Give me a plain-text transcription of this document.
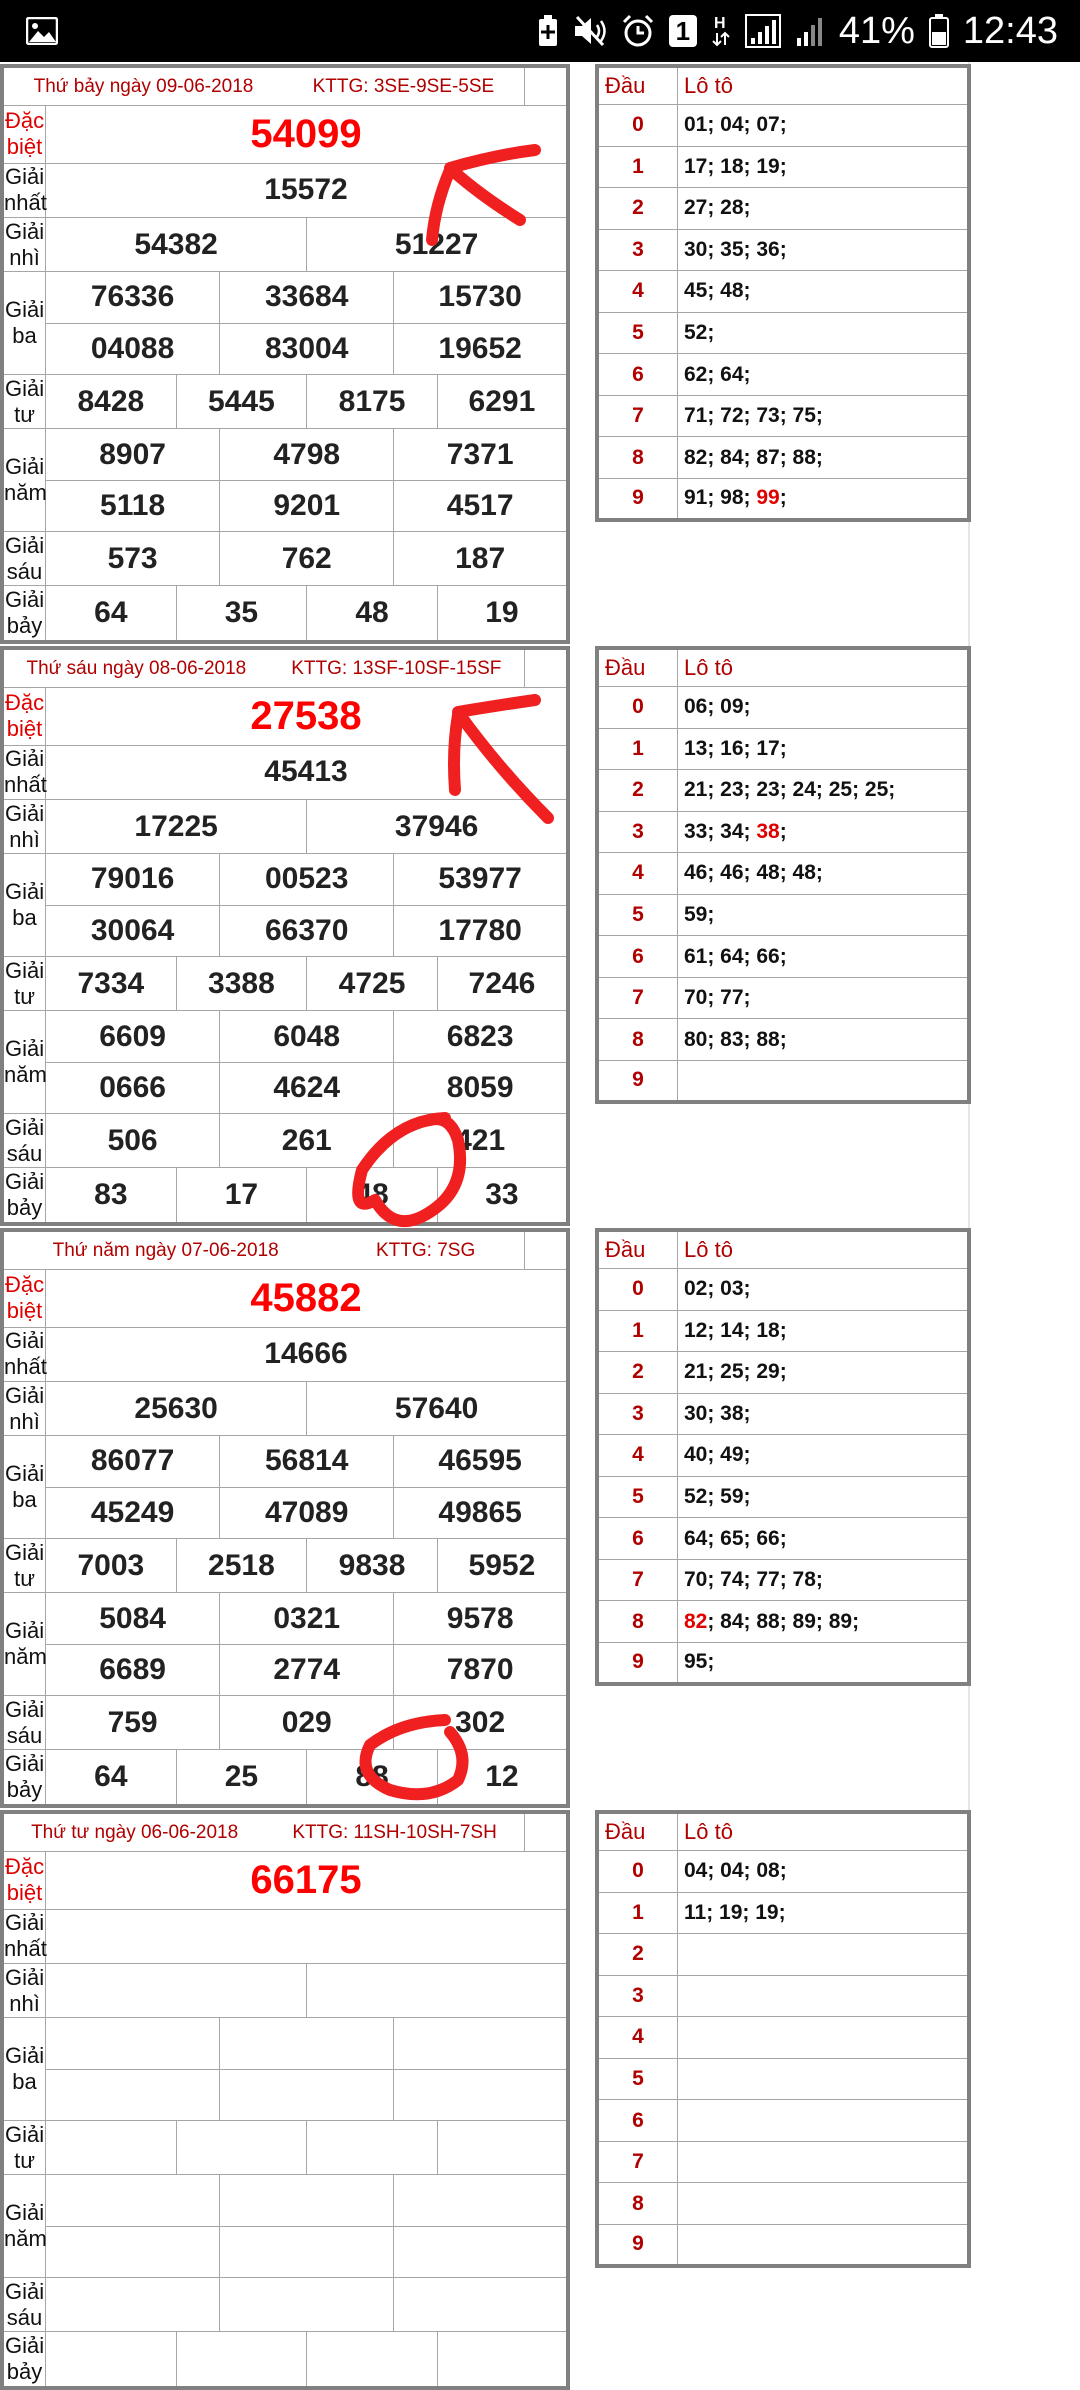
1 H	41% 12:43
Thứ bảy ngày 09-06-2018 KTTG: 3SE-9SE-5SE						

Đặc biệt	54099					
Giải nhất	15572					
Giải nhì	54382			51227		
Giải ba	76336		33684		15730	
	04088		83004		19652	
Giải tư	8428	5445		8175		6291
Giải năm	8907		4798		7371	
	5118		9201		4517	
Giải sáu	573		762		187	
Giải bảy	64	35		48		19
Đầu	Lô tô
0	01; 04; 07;
1	17; 18; 19;
2	27; 28;
3	30; 35; 36;
4	45; 48;
5	52;
6	62; 64;
7	71; 72; 73; 75;
8	82; 84; 87; 88;
9	91; 98; 99;
Thứ sáu ngày 08-06-2018 KTTG: 13SF-10SF-15SF						

Đặc biệt	27538					
Giải nhất	45413					
Giải nhì	17225			37946		
Giải ba	79016		00523		53977	
	30064		66370		17780	
Giải tư	7334	3388		4725		7246
Giải năm	6609		6048		6823	
	0666		4624		8059	
Giải sáu	506		261		421	
Giải bảy	83	17		48		33
Đầu	Lô tô
0	06; 09;
1	13; 16; 17;
2	21; 23; 23; 24; 25; 25;
3	33; 34; 38;
4	46; 46; 48; 48;
5	59;
6	61; 64; 66;
7	70; 77;
8	80; 83; 88;
9	
Thứ năm ngày 07-06-2018 KTTG: 7SG						

Đặc biệt	45882					
Giải nhất	14666					
Giải nhì	25630			57640		
Giải ba	86077		56814		46595	
	45249		47089		49865	
Giải tư	7003	2518		9838		5952
Giải năm	5084		0321		9578	
	6689		2774		7870	
Giải sáu	759		029		302	
Giải bảy	64	25		88		12
Đầu	Lô tô
0	02; 03;
1	12; 14; 18;
2	21; 25; 29;
3	30; 38;
4	40; 49;
5	52; 59;
6	64; 65; 66;
7	70; 74; 77; 78;
8	82; 84; 88; 89; 89;
9	95;
Thứ tư ngày 06-06-2018 KTTG: 11SH-10SH-7SH						

Đặc biệt	66175					
Giải nhất						
Giải nhì						
Giải ba						

Giải tư						
Giải năm						

Giải sáu						
Giải bảy						
Đầu	Lô tô
0	04; 04; 08;
1	11; 19; 19;
2	
3	
4	
5	
6	
7	
8	
9	
